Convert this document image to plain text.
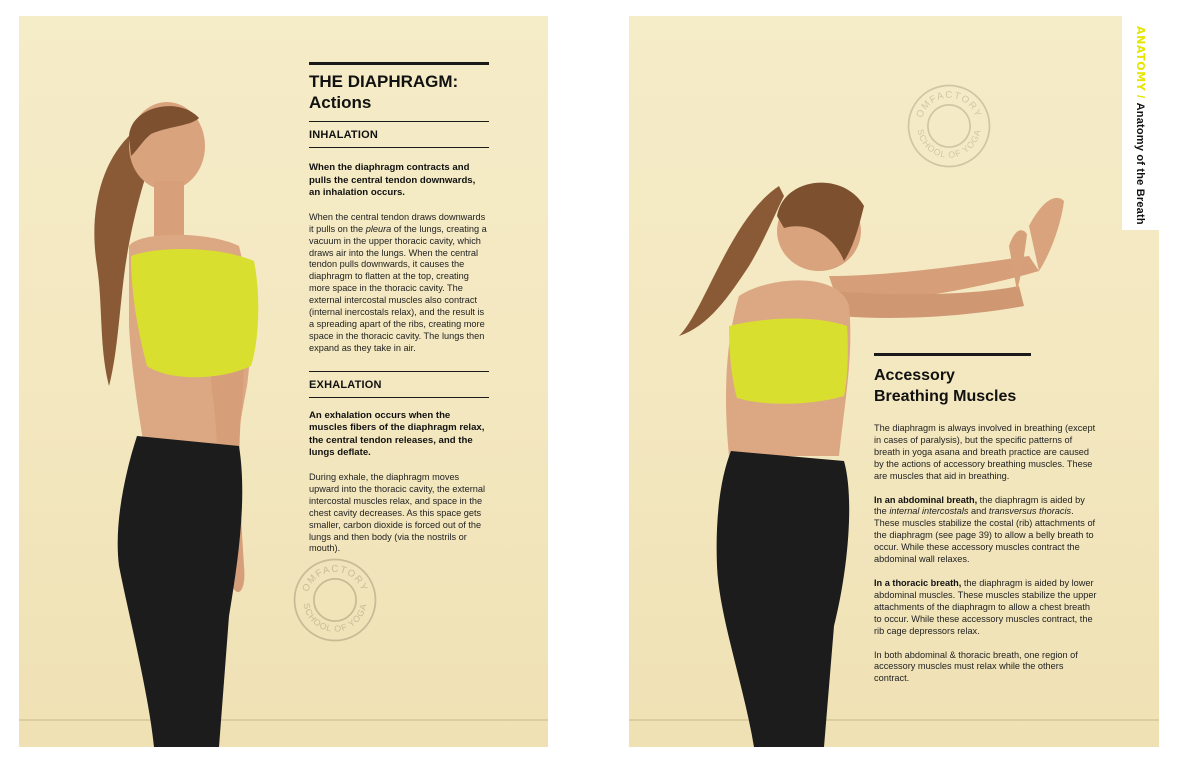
OMFACTORY
SCHOOL OF YOGA
THE DIAPHRAGM:
Actions
INHALATION

When the diaphragm contracts and pulls the central tendon downwards, an inhalation occurs.

When the central tendon draws downwards it pulls on the pleura of the lungs, creating a vacuum in the upper thoracic cavity, which draws air into the lungs. When the central tendon pulls downwards, it causes the diaphragm to flatten at the top, creating more space in the thoracic cavity. The external intercostal muscles also contract (internal inercostals relax), and the result is a spreading apart of the ribs, creating more space in the thoracic cavity. The lungs then expand as they take in air.

EXHALATION

An exhalation occurs when the muscles fibers of the diaphragm relax, the central tendon releases, and the lungs deflate.

During exhale, the diaphragm moves upward into the thoracic cavity, the external intercostal muscles relax, and space in the chest cavity decreases. As this space gets smaller, carbon dioxide is forced out of the lungs and then body (via the nostrils or mouth).

OMFACTORY
SCHOOL OF YOGA
Accessory
Breathing Muscles

The diaphragm is always involved in breathing (except in cases of paralysis), but the specific patterns of breath in yoga asana and breath practice are caused by the actions of accessory breathing muscles. These are muscles that aid in breathing.

In an abdominal breath, the diaphragm is aided by the internal intercostals and transversus thoracis. These muscles stabilize the costal (rib) attachments of the diaphragm (see page 39) to allow a belly breath to occur. While these accessory muscles contract the abdominal wall relaxes.

In a thoracic breath, the diaphragm is aided by lower abdominal muscles. These muscles stabilize the upper attachments of the diaphragm to allow a chest breath to occur. While these accessory muscles contract, the rib cage depressors relax.

In both abdominal & thoracic breath, one region of accessory muscles must relax while the others contract.

ANATOMY/Anatomy of the Breath
